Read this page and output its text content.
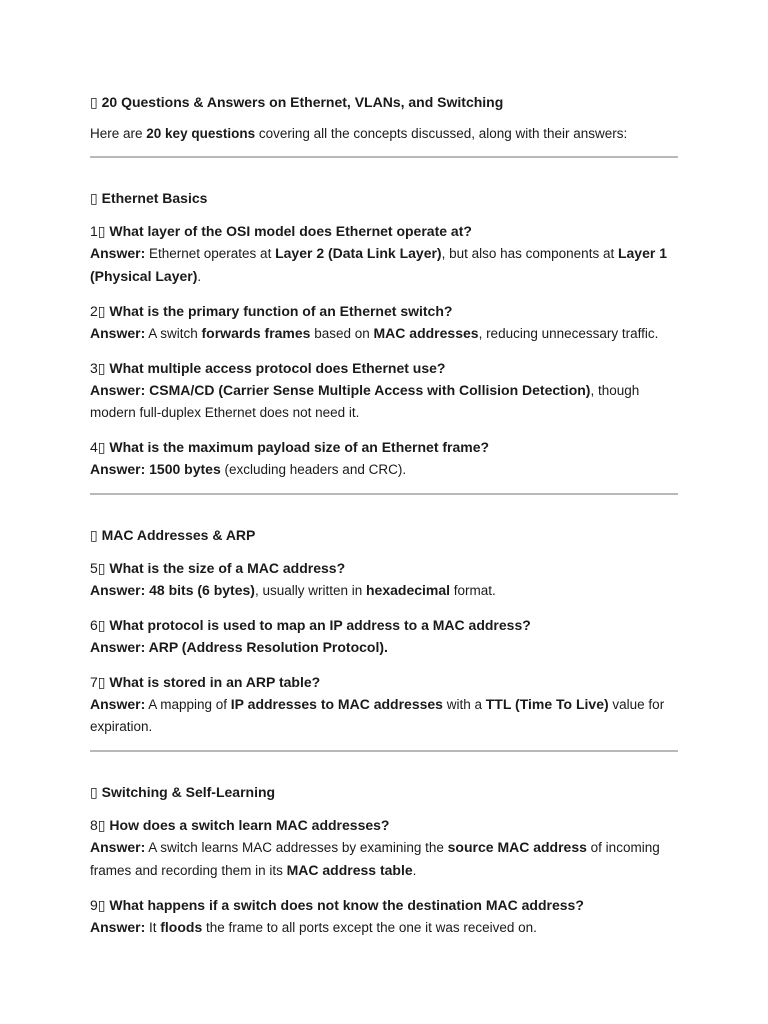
▯ 20 Questions & Answers on Ethernet, VLANs, and Switching

Here are 20 key questions covering all the concepts discussed, along with their answers:

▯ Ethernet Basics

1▯ What layer of the OSI model does Ethernet operate at?
Answer: Ethernet operates at Layer 2 (Data Link Layer), but also has components at Layer 1 (Physical Layer).
2▯ What is the primary function of an Ethernet switch?
Answer: A switch forwards frames based on MAC addresses, reducing unnecessary traffic.
3▯ What multiple access protocol does Ethernet use?
Answer: CSMA/CD (Carrier Sense Multiple Access with Collision Detection), though modern full-duplex Ethernet does not need it.
4▯ What is the maximum payload size of an Ethernet frame?
Answer: 1500 bytes (excluding headers and CRC).

▯ MAC Addresses & ARP

5▯ What is the size of a MAC address?
Answer: 48 bits (6 bytes), usually written in hexadecimal format.
6▯ What protocol is used to map an IP address to a MAC address?
Answer: ARP (Address Resolution Protocol).
7▯ What is stored in an ARP table?
Answer: A mapping of IP addresses to MAC addresses with a TTL (Time To Live) value for expiration.

▯ Switching & Self-Learning

8▯ How does a switch learn MAC addresses?
Answer: A switch learns MAC addresses by examining the source MAC address of incoming frames and recording them in its MAC address table.
9▯ What happens if a switch does not know the destination MAC address?
Answer: It floods the frame to all ports except the one it was received on.
